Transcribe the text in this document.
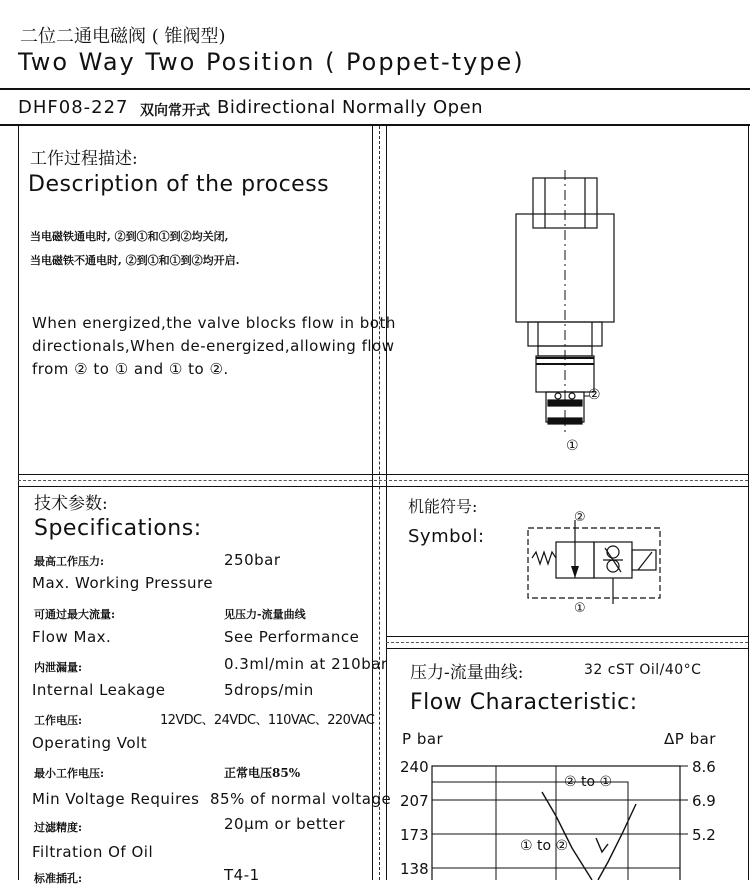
二位二通电磁阀 ( 锥阀型)
Two Way Two Position ( Poppet-type)
DHF08-227 双向常开式 Bidirectional Normally Open
工作过程描述:
Description of the process
当电磁铁通电时, ②到①和①到②均关闭,
当电磁铁不通电时, ②到①和①到②均开启.
When energized,the valve blocks flow in both
directionals,When de-energized,allowing flow
from ② to ① and ① to ②.
②
①
技术参数:
Specifications:
最高工作压力:	250bar
Max. Working Pressure
可通过最大流量:	见压力-流量曲线
Flow Max.	See Performance
内泄漏量:	0.3ml/min at 210bar
Internal Leakage	5drops/min
工作电压:	12VDC、24VDC、110VAC、220VAC
Operating Volt
最小工作电压:	正常电压85%
Min Voltage Requires 85% of normal voltage
过滤精度:	20μm or better
Filtration Of Oil
标准插孔:	T4-1
机能符号:
Symbol:
②
①
压力-流量曲线:	32 cST Oil/40°C
Flow Characteristic:
P bar	ΔP bar
240
207
173
138
8.6
6.9
5.2
② to ①
① to ②
